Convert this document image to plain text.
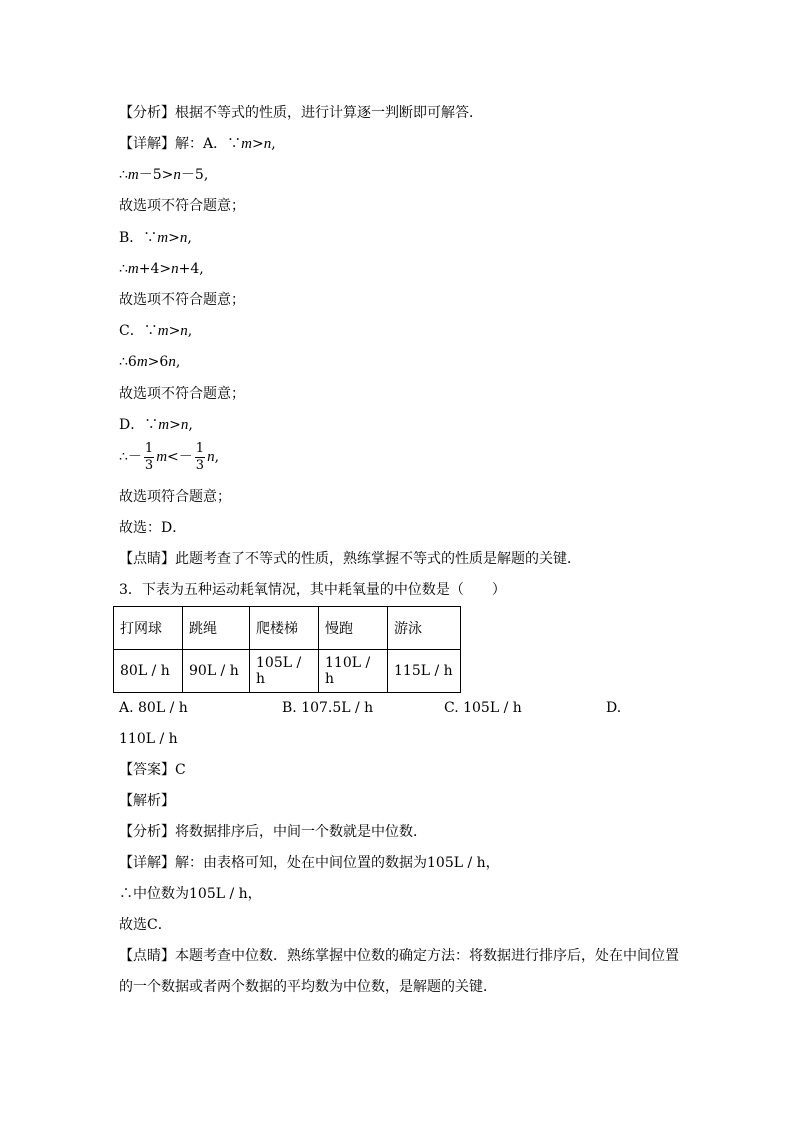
【分析】根据不等式的性质，进行计算逐一判断即可解答．
【详解】解：A．∵m>n,
∴m－5>n－5,
故选项不符合题意；
B．∵m>n,
∴m+4>n+4,
故选项不符合题意；
C．∵m>n,
∴6m>6n,
故选项不符合题意；
D．∵m>n,
∴－ $\frac{1}{3} m<- \frac{1}{3} n$,
故选项符合题意；
故选：D．
【点睛】此题考查了不等式的性质，熟练掌握不等式的性质是解题的关键．
3．下表为五种运动耗氧情况，其中耗氧量的中位数是（　　）
打网球	跳绳	爬楼梯	慢跑	游泳
80L / h	90L / h	105L / h	110L / h	115L / h
A. 80L / h	B. 107.5L / h	C. 105L / h	D.
110L / h
【答案】C
【解析】
【分析】将数据排序后，中间一个数就是中位数．
【详解】解：由表格可知，处在中间位置的数据为105L / h，
∴中位数为105L / h，
故选C．
【点睛】本题考查中位数．熟练掌握中位数的确定方法：将数据进行排序后，处在中间位置
的一个数据或者两个数据的平均数为中位数，是解题的关键．
